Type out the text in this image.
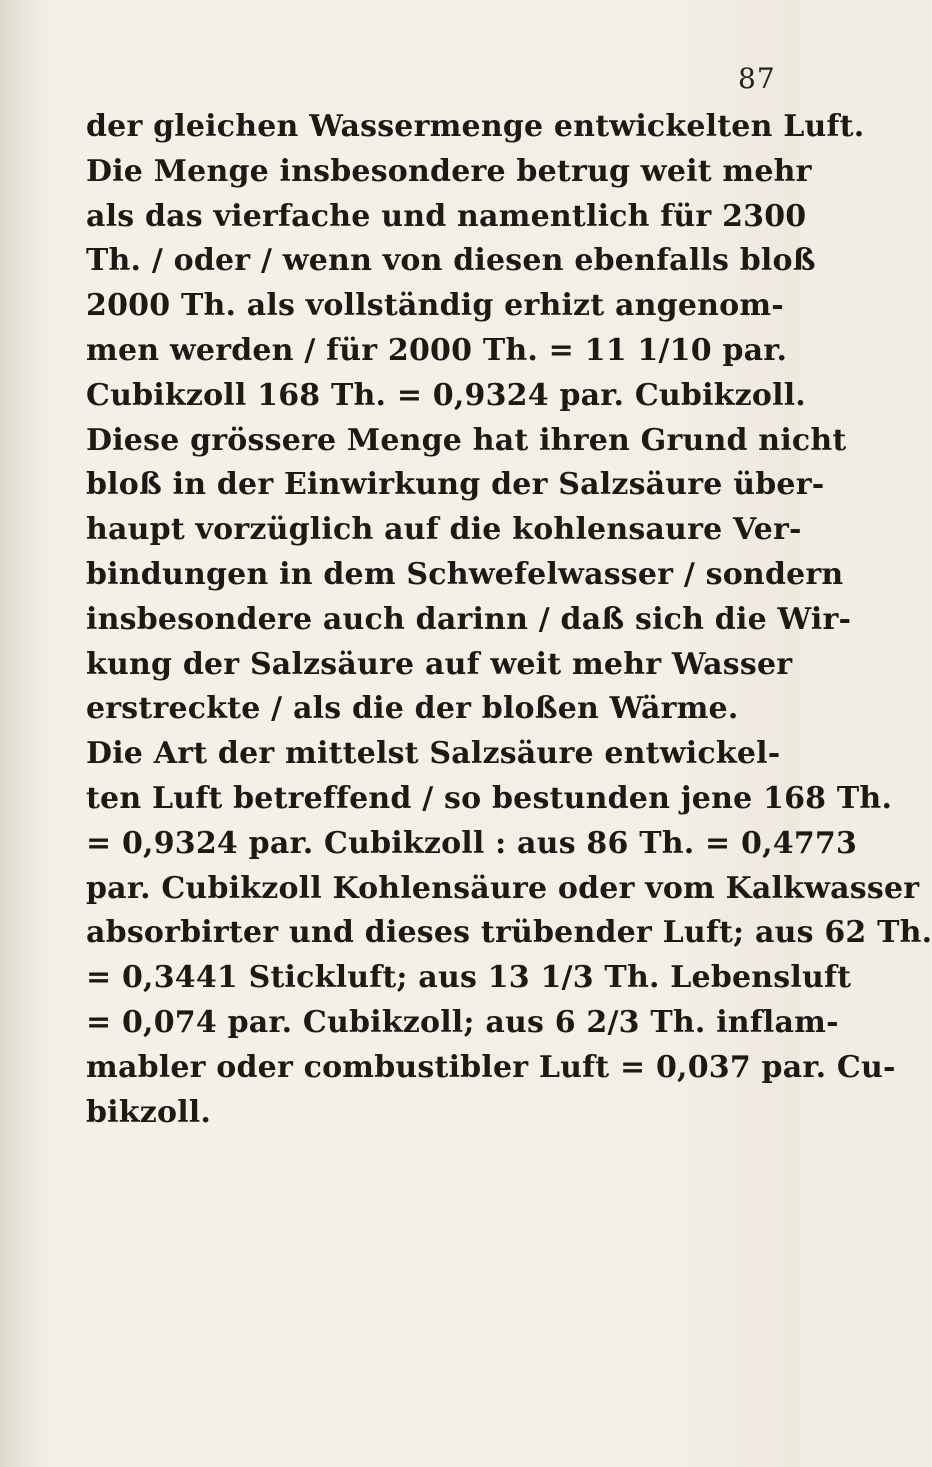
87
der gleichen Wassermenge entwickelten Luft.
Die Menge insbesondere betrug weit mehr
als das vierfache und namentlich für 2300
Th. / oder / wenn von diesen ebenfalls bloß
2000 Th. als vollständig erhizt angenom-
men werden / für 2000 Th. = 11 1/10 par.
Cubikzoll 168 Th. = 0,9324 par. Cubikzoll.
Diese grössere Menge hat ihren Grund nicht
bloß in der Einwirkung der Salzsäure über-
haupt vorzüglich auf die kohlensaure Ver-
bindungen in dem Schwefelwasser / sondern
insbesondere auch darinn / daß sich die Wir-
kung der Salzsäure auf weit mehr Wasser
erstreckte / als die der bloßen Wärme.
Die Art der mittelst Salzsäure entwickel-
ten Luft betreffend / so bestunden jene 168 Th.
= 0,9324 par. Cubikzoll : aus 86 Th. = 0,4773
par. Cubikzoll Kohlensäure oder vom Kalkwasser
absorbirter und dieses trübender Luft; aus 62 Th.
= 0,3441 Stickluft; aus 13 1/3 Th. Lebensluft
= 0,074 par. Cubikzoll; aus 6 2/3 Th. inflam-
mabler oder combustibler Luft = 0,037 par. Cu-
bikzoll.
